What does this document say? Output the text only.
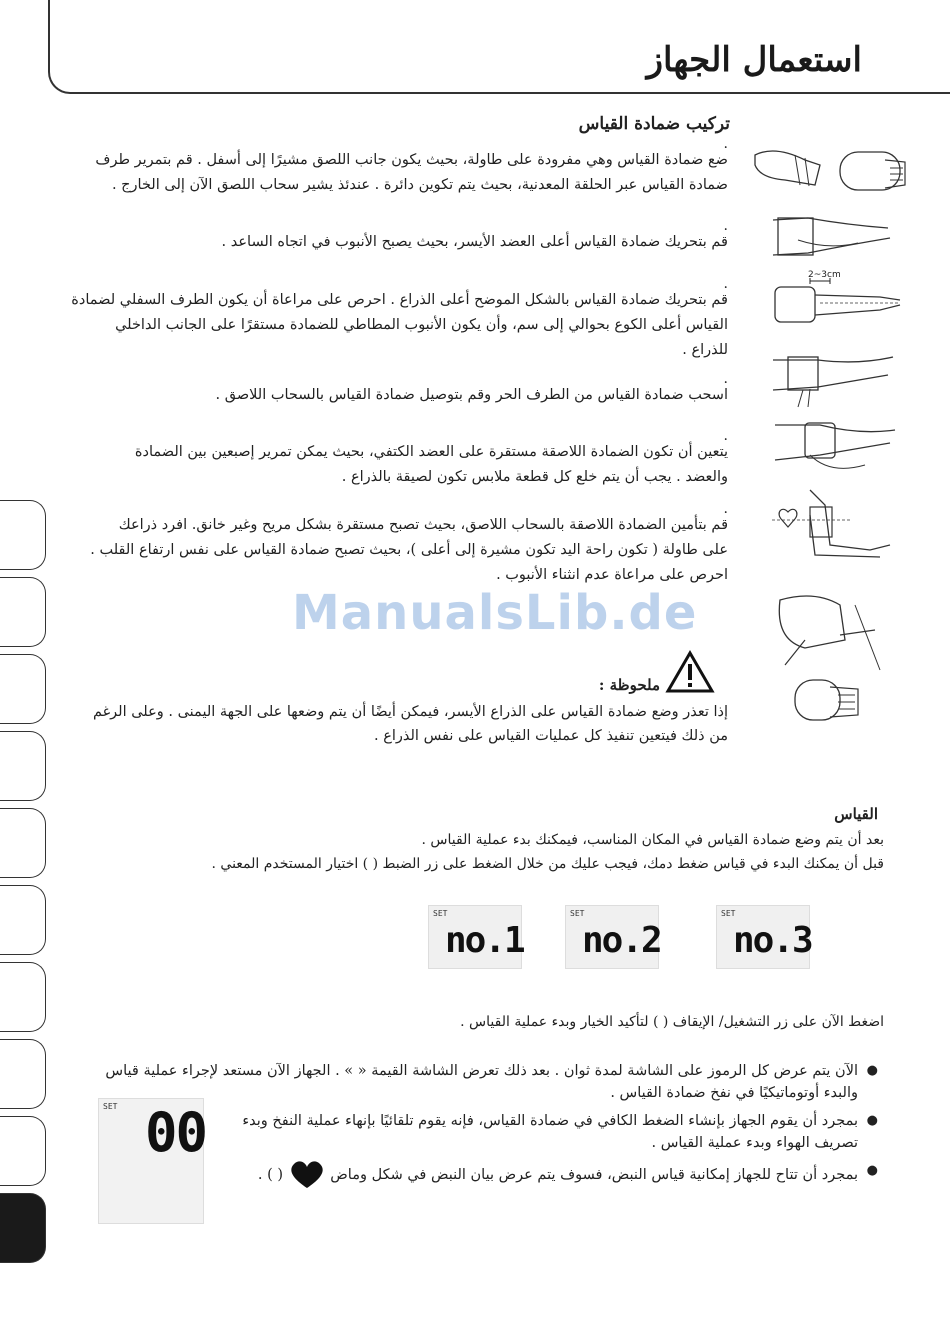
استعمال الجهاز
تركيب ضمادة القياس
.
ضع ضمادة القياس وهي مفرودة على طاولة، بحيث يكون جانب اللصق مشيرًا إلى أسفل . قم بتمرير طرف
ضمادة القياس عبر الحلقة المعدنية، بحيث يتم تكوين دائرة . عندئذ يشير سحاب اللصق الآن إلى الخارج .
.
قم بتحريك ضمادة القياس أعلى العضد الأيسر، بحيث يصبح الأنبوب في اتجاه الساعد .
.
قم بتحريك ضمادة القياس بالشكل الموضح أعلى الذراع . احرص على مراعاة أن يكون الطرف السفلي لضمادة
القياس أعلى الكوع بحوالي إلى سم، وأن يكون الأنبوب المطاطي للضمادة مستقرًا على الجانب الداخلي
للذراع .
.
اسحب ضمادة القياس من الطرف الحر وقم بتوصيل ضمادة القياس بالسحاب اللاصق .
.
يتعين أن تكون الضمادة اللاصقة مستقرة على العضد الكتفي، بحيث يمكن تمرير إصبعين بين الضمادة
والعضد . يجب أن يتم خلع كل قطعة ملابس تكون لصيقة بالذراع .
.
قم بتأمين الضمادة اللاصقة بالسحاب اللاصق، بحيث تصبح مستقرة بشكل مريح وغير خانق. افرد ذراعك
على طاولة ( تكون راحة اليد تكون مشيرة إلى أعلى )، بحيث تصبح ضمادة القياس على نفس ارتفاع القلب .
احرص على مراعاة عدم انثناء الأنبوب .
2~3cm
ManualsLib.de
ملحوظة :
إذا تعذر وضع ضمادة القياس على الذراع الأيسر، فيمكن أيضًا أن يتم وضعها على الجهة اليمنى . وعلى الرغم
من ذلك فيتعين تنفيذ كل عمليات القياس على نفس الذراع .
القياس
بعد أن يتم وضع ضمادة القياس في المكان المناسب، فيمكنك بدء عملية القياس .
قبل أن يمكنك البدء في قياس ضغط دمك، فيجب عليك من خلال الضغط على زر الضبط ( ) اختيار المستخدم المعني .
SET
no.1
SET
no.2
SET
no.3
اضغط الآن على زر التشغيل/ الإيقاف ( ) لتأكيد الخيار وبدء عملية القياس .
●
الآن يتم عرض كل الرموز على الشاشة لمدة ثوان . بعد ذلك تعرض الشاشة القيمة « » . الجهاز الآن مستعد لإجراء عملية قياس
والبدء أوتوماتيكيًا في نفخ ضمادة القياس .
●
بمجرد أن يقوم الجهاز بإنشاء الضغط الكافي في ضمادة القياس، فإنه يقوم تلقائيًا بإنهاء عملية النفخ وبدء
تصريف الهواء وبدء عملية القياس .
●
بمجرد أن تتاح للجهاز إمكانية قياس النبض، فسوف يتم عرض بيان النبض في شكل وماض  ( ) .
SET 00
